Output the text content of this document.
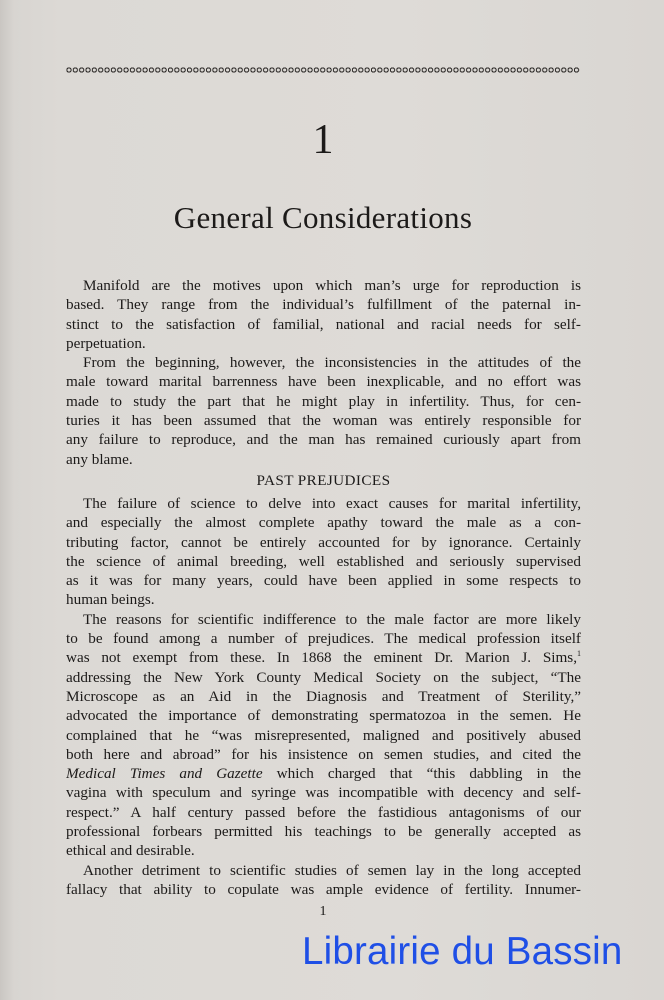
1
General Considerations
Manifold are the motives upon which man’s urge for reproduction is
based. They range from the individual’s fulfillment of the paternal in-
stinct to the satisfaction of familial, national and racial needs for self-
perpetuation.
From the beginning, however, the inconsistencies in the attitudes of the
male toward marital barrenness have been inexplicable, and no effort was
made to study the part that he might play in infertility. Thus, for cen-
turies it has been assumed that the woman was entirely responsible for
any failure to reproduce, and the man has remained curiously apart from
any blame.
PAST PREJUDICES
The failure of science to delve into exact causes for marital infertility,
and especially the almost complete apathy toward the male as a con-
tributing factor, cannot be entirely accounted for by ignorance. Certainly
the science of animal breeding, well established and seriously supervised
as it was for many years, could have been applied in some respects to
human beings.
The reasons for scientific indifference to the male factor are more likely
to be found among a number of prejudices. The medical profession itself
was not exempt from these. In 1868 the eminent Dr. Marion J. Sims,$^1$
addressing the New York County Medical Society on the subject, “The
Microscope as an Aid in the Diagnosis and Treatment of Sterility,”
advocated the importance of demonstrating spermatozoa in the semen. He
complained that he “was misrepresented, maligned and positively abused
both here and abroad” for his insistence on semen studies, and cited the
Medical Times and Gazette which charged that “this dabbling in the
vagina with speculum and syringe was incompatible with decency and self-
respect.” A half century passed before the fastidious antagonisms of our
professional forbears permitted his teachings to be generally accepted as
ethical and desirable.
Another detriment to scientific studies of semen lay in the long accepted
fallacy that ability to copulate was ample evidence of fertility. Innumer-
1
Librairie du Bassin
